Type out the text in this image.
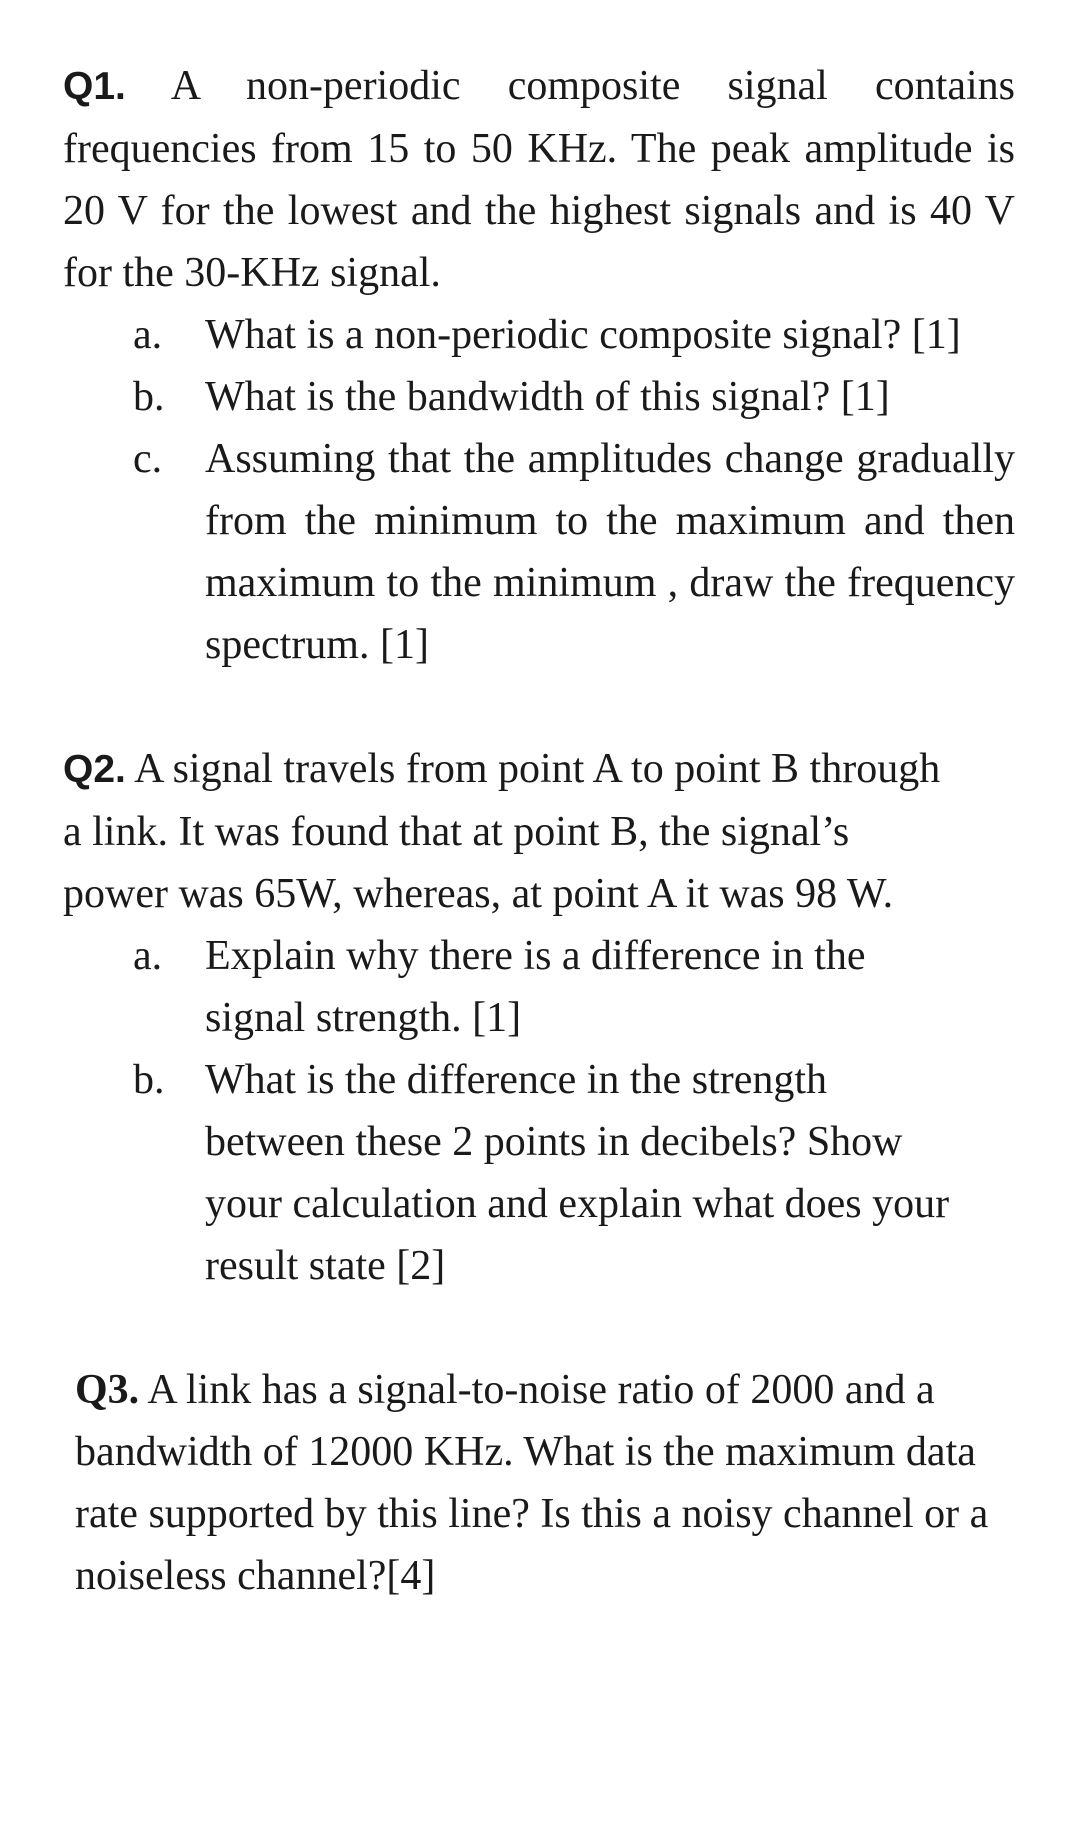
Q1. A non-periodic composite signal contains frequencies from 15 to 50 KHz. The peak amplitude is 20 V for the lowest and the highest signals and is 40 V for the 30-KHz signal.

a.	What is a non-periodic composite signal? [1]
b. What is the bandwidth of this signal? [1]
c.	Assuming that the amplitudes change gradually from the minimum to the maximum and then maximum to the minimum , draw the frequency spectrum. [1]

Q2. A signal travels from point A to point B through a link. It was found that at point B, the signal’s power was 65W, whereas, at point A it was 98 W.

a.	Explain why there is a difference in the signal strength. [1]
b. What is the difference in the strength between these 2 points in decibels? Show your calculation and explain what does your result state [2]

Q3. A link has a signal-to-noise ratio of 2000 and a bandwidth of 12000 KHz. What is the maximum data rate supported by this line? Is this a noisy channel or a noiseless channel?[4]
